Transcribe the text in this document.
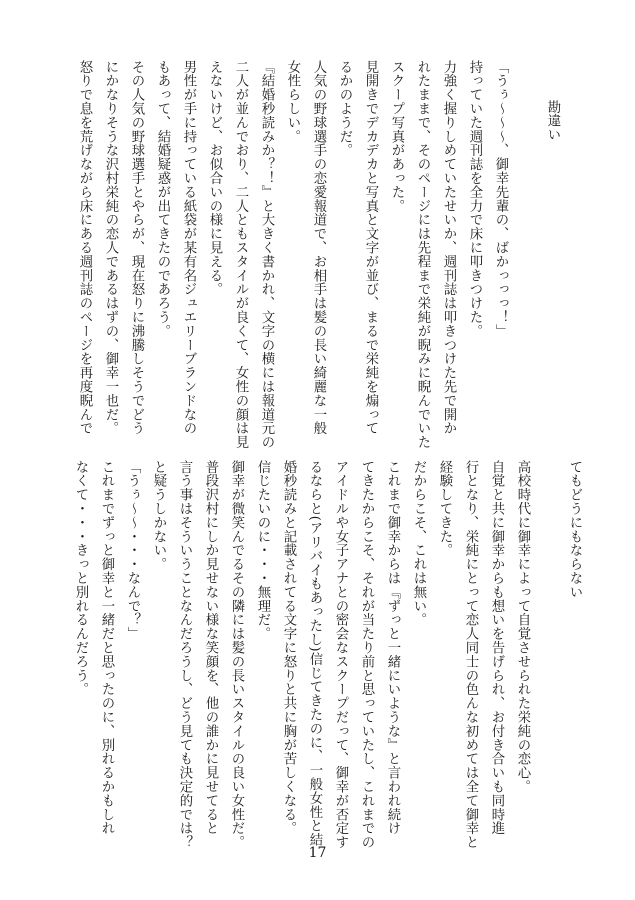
勘違い

「うぅ～～～、御幸先輩の、ばかっっっ！」
持っていた週刊誌を全力で床に叩きつけた。
力強く握りしめていたせいか、週刊誌は叩きつけた先で開か
れたままで、そのページには先程まで栄純が睨みに睨んでいた
スクープ写真があった。
見開きでデカデカと写真と文字が並び、まるで栄純を煽って
るかのようだ。
人気の野球選手の恋愛報道で、お相手は髪の長い綺麗な一般
女性らしい。
『結婚秒読みか？！』と大きく書かれ、文字の横には報道元の
二人が並んでおり、二人ともスタイルが良くて、女性の顔は見
えないけど、お似合いの様に見える。
男性が手に持っている紙袋が某有名ジュエリーブランドなの
もあって、結婚疑惑が出てきたのであろう。
その人気の野球選手とやらが、現在怒りに沸騰しそうでどう
にかなりそうな沢村栄純の恋人であるはずの、御幸一也だ。
怒りで息を荒げながら床にある週刊誌のページを再度睨んで
てもどうにもならない

高校時代に御幸によって自覚させられた栄純の恋心。
自覚と共に御幸からも想いを告げられ、お付き合いも同時進
行となり、栄純にとって恋人同士の色んな初めては全て御幸と
経験してきた。
だからこそ、これは無い。
これまで御幸からは『ずっと一緒にいような』と言われ続け
てきたからこそ、それが当たり前と思っていたし、これまでの
アイドルや女子アナとの密会なスクープだって、御幸が否定す
るならと(アリバイもあったし)信じてきたのに、一般女性と結
婚秒読みと記載されてる文字に怒りと共に胸が苦しくなる。
信じたいのに・・・無理だ。
御幸が微笑んでるその隣には髪の長いスタイルの良い女性だ。
普段沢村にしか見せない様な笑顔を、他の誰かに見せてると
言う事はそういうことなんだろうし、どう見ても決定的では？
と疑うしかない。
「うぅ～～・・・なんで？」
これまでずっと御幸と一緒だと思ったのに、別れるかもしれ
なくて・・・きっと別れるんだろう。
17
